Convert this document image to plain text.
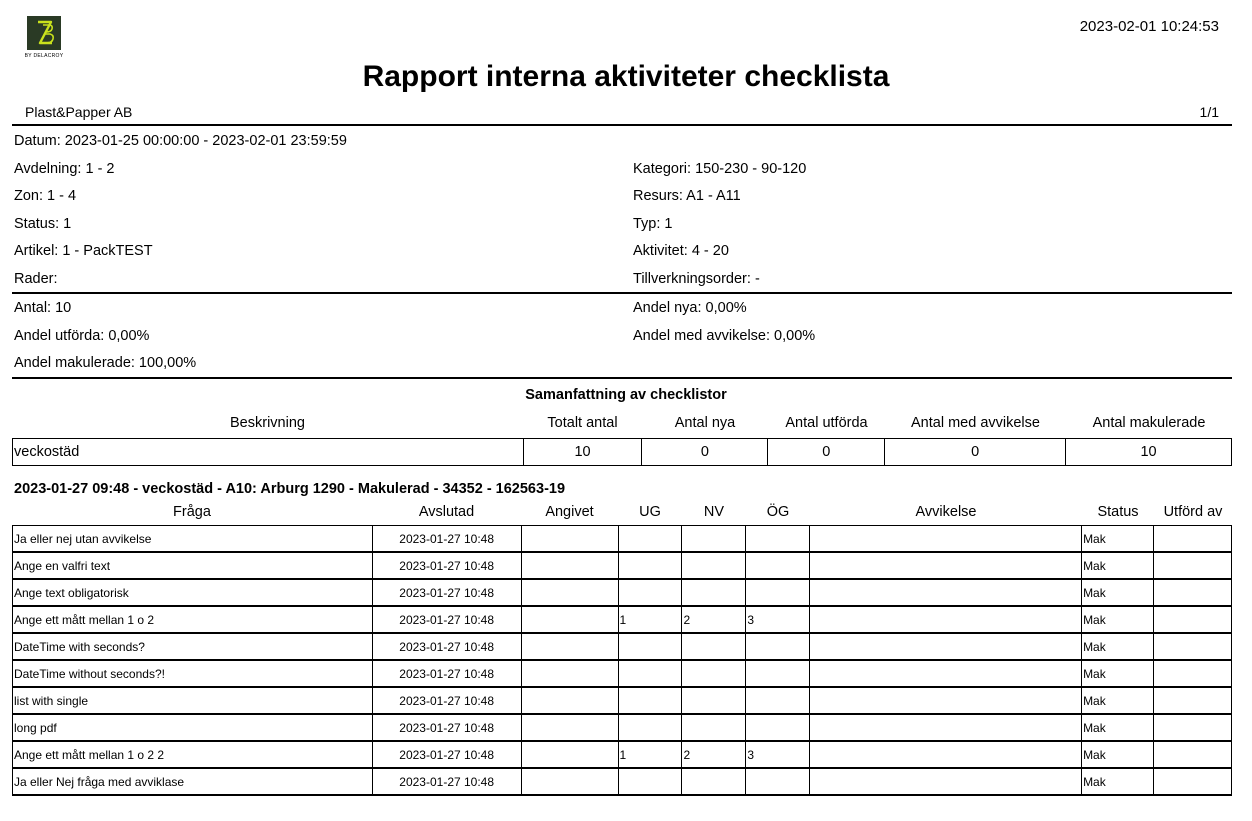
BY DELACROY
2023-02-01 10:24:53
Rapport interna aktiviteter checklista
Plast&Papper AB	1/1
Datum: 2023-01-25 00:00:00 - 2023-02-01 23:59:59
Avdelning: 1 - 2	Kategori: 150-230 - 90-120
Zon: 1 - 4	Resurs: A1 - A11
Status: 1	Typ: 1
Artikel: 1 - PackTEST	Aktivitet: 4 - 20
Rader:	Tillverkningsorder: -
Antal: 10	Andel nya: 0,00%
Andel utförda: 0,00%	Andel med avvikelse: 0,00%
Andel makulerade: 100,00%
Samanfattning av checklistor
Beskrivning	Totalt antal	Antal nya	Antal utförda	Antal med avvikelse	Antal makulerade
veckostäd	10	0	0	0	10
2023-01-27 09:48 - veckostäd - A10: Arburg 1290 - Makulerad - 34352 - 162563-19
Fråga	Avslutad	Angivet	UG	NV	ÖG	Avvikelse	Status	Utförd av
Ja eller nej utan avvikelse	2023-01-27 10:48						Mak	
Ange en valfri text	2023-01-27 10:48						Mak	
Ange text obligatorisk	2023-01-27 10:48						Mak	
Ange ett mått mellan 1 o 2	2023-01-27 10:48		1	2	3		Mak	
DateTime with seconds?	2023-01-27 10:48						Mak	
DateTime without seconds?!	2023-01-27 10:48						Mak	
list with single	2023-01-27 10:48						Mak	
long pdf	2023-01-27 10:48						Mak	
Ange ett mått mellan 1 o 2 2	2023-01-27 10:48		1	2	3		Mak	
Ja eller Nej fråga med avviklase	2023-01-27 10:48						Mak	
